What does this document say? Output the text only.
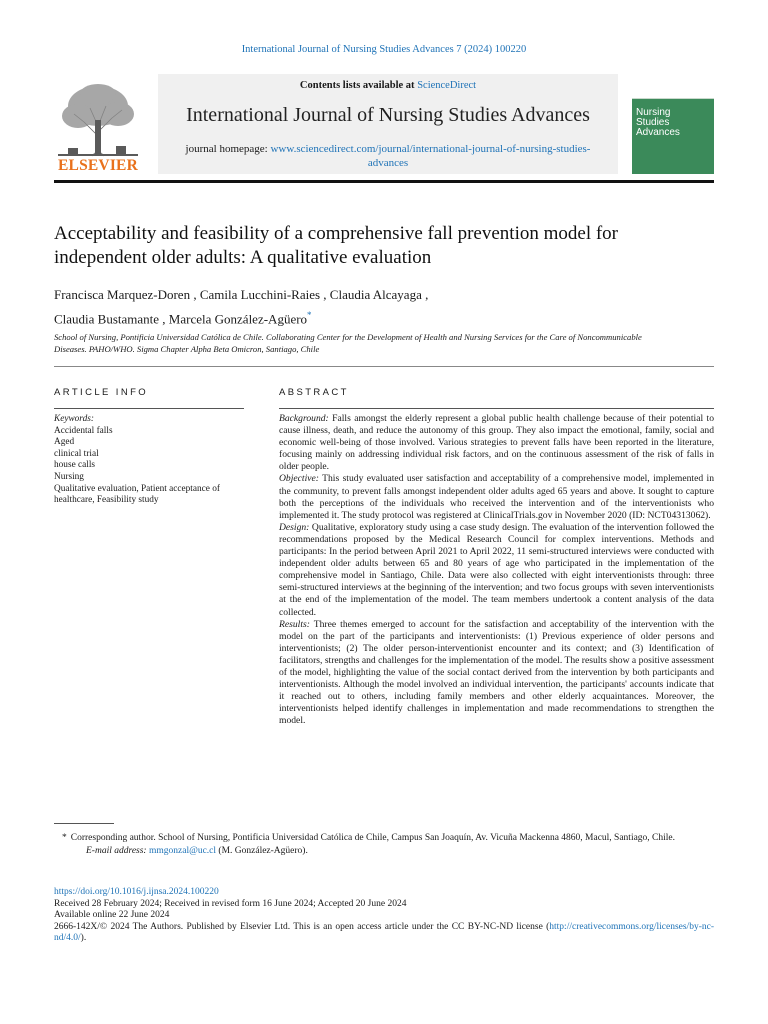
International Journal of Nursing Studies Advances 7 (2024) 100220
ELSEVIER
Contents lists available at ScienceDirect
International Journal of Nursing Studies Advances
journal homepage: www.sciencedirect.com/journal/international-journal-of-nursing-studies-advances
Nursing
Studies
Advances
Acceptability and feasibility of a comprehensive fall prevention model for independent older adults: A qualitative evaluation
Francisca Marquez-Doren , Camila Lucchini-Raies , Claudia Alcayaga ,
Claudia Bustamante , Marcela González-Agüero*
School of Nursing, Pontificia Universidad Católica de Chile. Collaborating Center for the Development of Health and Nursing Services for the Care of Noncommunicable Diseases. PAHO/WHO. Sigma Chapter Alpha Beta Omicron, Santiago, Chile
ARTICLE INFO	ABSTRACT
Keywords:
Accidental falls
Aged
clinical trial
house calls
Nursing
Qualitative evaluation, Patient acceptance of healthcare, Feasibility study

Background: Falls amongst the elderly represent a global public health challenge because of their potential to cause illness, death, and reduce the autonomy of this group. They also impact the emotional, family, social and economic well-being of those involved. Various strategies to prevent falls have been reported in the literature, focusing mainly on addressing individual risk factors, and on the continuous assessment of the risk of falls in older people.

Objective: This study evaluated user satisfaction and acceptability of a comprehensive model, implemented in the community, to prevent falls amongst independent older adults aged 65 years and above. It sought to capture both the perceptions of the individuals who received the intervention and of the interventionists who implemented it. The study protocol was registered at ClinicalTrials.gov in November 2020 (ID: NCT04313062).

Design: Qualitative, exploratory study using a case study design. The evaluation of the intervention followed the recommendations proposed by the Medical Research Council for complex interventions. Methods and participants: In the period between April 2021 to April 2022, 11 semi-structured interviews were conducted with independent older adults between 65 and 80 years of age who participated in the implementation of the comprehensive model in Santiago, Chile. Data were also collected with eight interventionists through: three semi-structured interviews at the beginning of the intervention; and two focus groups with seven interventionists at the end of the implementation of the model. The team members undertook a content analysis of the data collected.

Results: Three themes emerged to account for the satisfaction and acceptability of the intervention with the model on the part of the participants and interventionists: (1) Previous experience of older persons and interventionists; (2) The older person-interventionist encounter and its context; and (3) Identification of facilitators, strengths and challenges for the implementation of the model. The results show a positive assessment of the model, highlighting the value of the social contact derived from the intervention by both participants and interventionists. Although the model involved an individual intervention, the participants' accounts indicate that it reached out to others, including family members and other elderly acquaintances. Moreover, the interventionists helped identify challenges in implementation and made recommendations to strengthen the model.

* Corresponding author. School of Nursing, Pontificia Universidad Católica de Chile, Campus San Joaquín, Av. Vicuña Mackenna 4860, Macul, Santiago, Chile.

E-mail address: mmgonzal@uc.cl (M. González-Agüero).

https://doi.org/10.1016/j.ijnsa.2024.100220

Received 28 February 2024; Received in revised form 16 June 2024; Accepted 20 June 2024

Available online 22 June 2024

2666-142X/© 2024 The Authors. Published by Elsevier Ltd. This is an open access article under the CC BY-NC-ND license (http://creativecommons.org/licenses/by-nc-nd/4.0/).
